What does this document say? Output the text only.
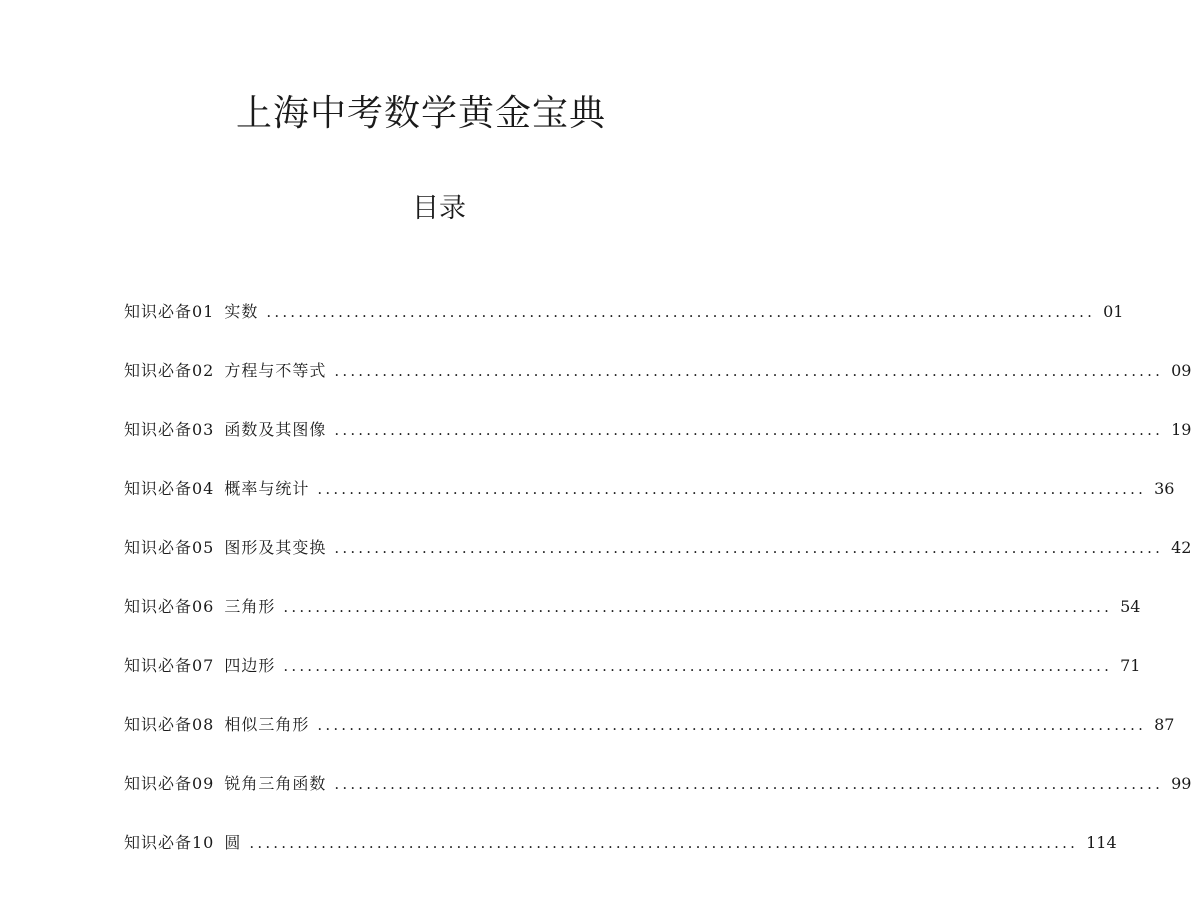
上海中考数学黄金宝典
目录
知识必备01 实数 ........................................................................................................ 01
知识必备02 方程与不等式 ........................................................................................................ 09
知识必备03 函数及其图像 ........................................................................................................ 19
知识必备04 概率与统计 ........................................................................................................ 36
知识必备05 图形及其变换 ........................................................................................................ 42
知识必备06 三角形 ........................................................................................................ 54
知识必备07 四边形 ........................................................................................................ 71
知识必备08 相似三角形 ........................................................................................................ 87
知识必备09 锐角三角函数 ........................................................................................................ 99
知识必备10 圆 ........................................................................................................ 114
